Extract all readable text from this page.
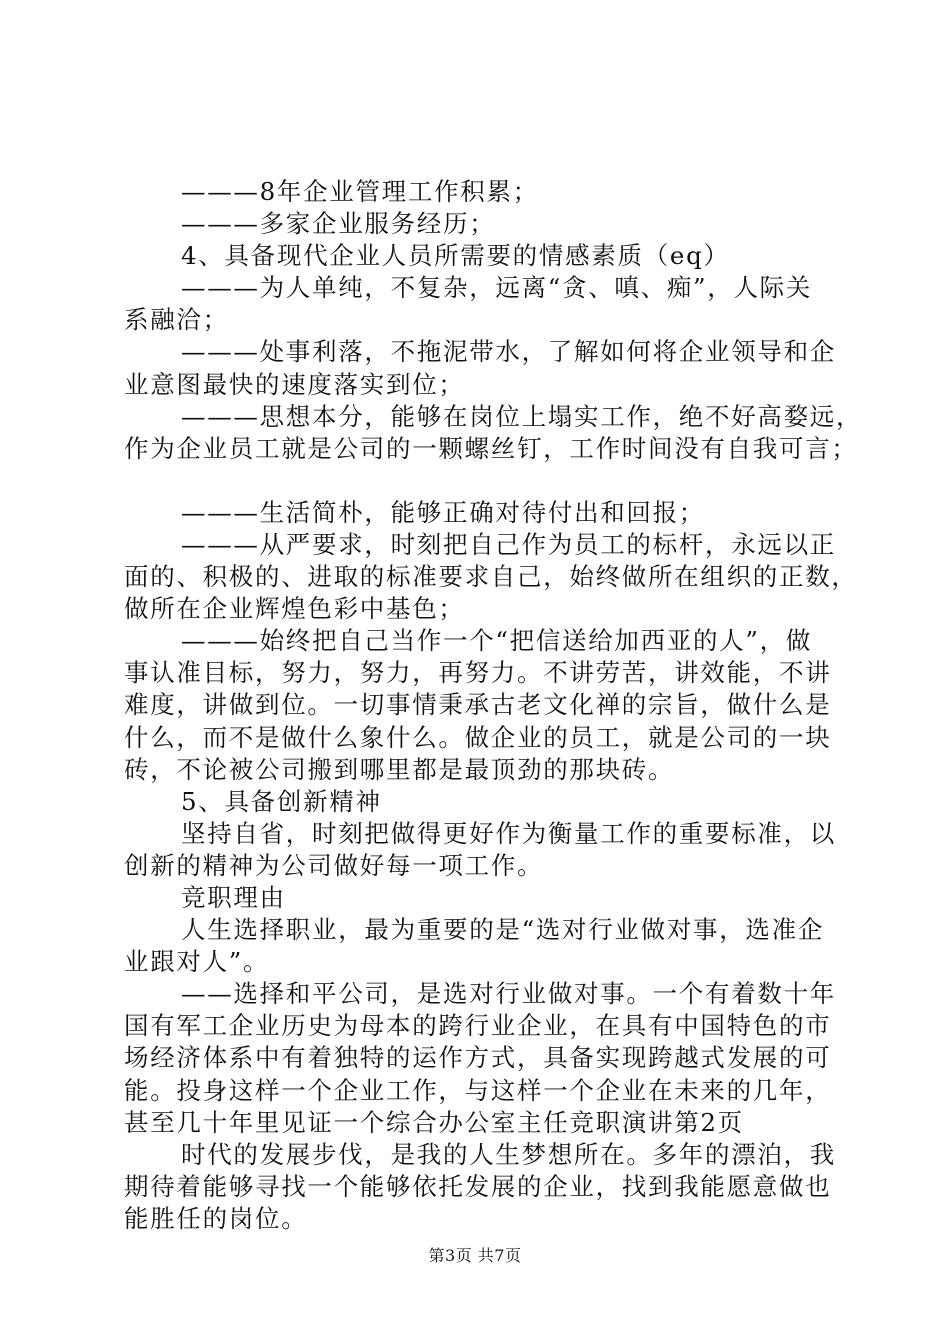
———8年企业管理工作积累；
———多家企业服务经历；
4、具备现代企业人员所需要的情感素质（eq）
———为人单纯，不复杂，远离“贪、嗔、痴”，人际关
系融洽；
———处事利落，不拖泥带水，了解如何将企业领导和企
业意图最快的速度落实到位；
———思想本分，能够在岗位上塌实工作，绝不好高婺远，
作为企业员工就是公司的一颗螺丝钉，工作时间没有自我可言；
———生活简朴，能够正确对待付出和回报；
———从严要求，时刻把自己作为员工的标杆，永远以正
面的、积极的、进取的标准要求自己，始终做所在组织的正数，
做所在企业辉煌色彩中基色；
———始终把自己当作一个“把信送给加西亚的人”，做
事认准目标，努力，努力，再努力。不讲劳苦，讲效能，不讲
难度，讲做到位。一切事情秉承古老文化禅的宗旨，做什么是
什么，而不是做什么象什么。做企业的员工，就是公司的一块
砖，不论被公司搬到哪里都是最顶劲的那块砖。
5、具备创新精神
坚持自省，时刻把做得更好作为衡量工作的重要标准，以
创新的精神为公司做好每一项工作。
竞职理由
人生选择职业，最为重要的是“选对行业做对事，选准企
业跟对人”。
——选择和平公司，是选对行业做对事。一个有着数十年
国有军工企业历史为母本的跨行业企业，在具有中国特色的市
场经济体系中有着独特的运作方式，具备实现跨越式发展的可
能。投身这样一个企业工作，与这样一个企业在未来的几年，
甚至几十年里见证一个综合办公室主任竞职演讲第2页
时代的发展步伐，是我的人生梦想所在。多年的漂泊，我
期待着能够寻找一个能够依托发展的企业，找到我能愿意做也
能胜任的岗位。
第3页 共7页
